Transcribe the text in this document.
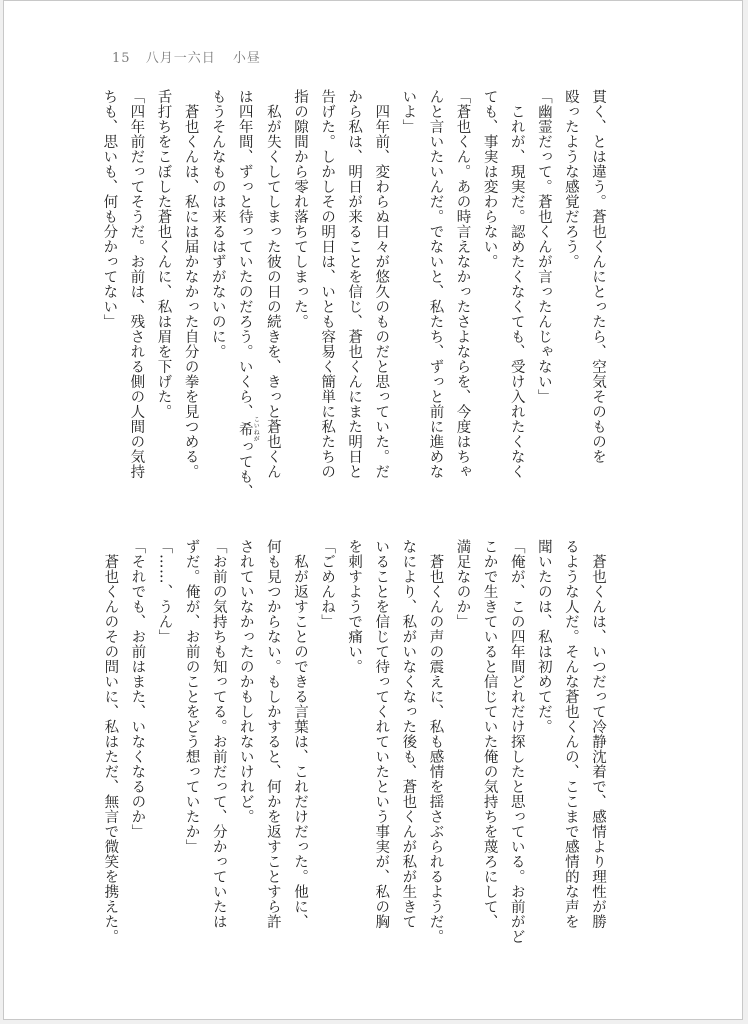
15 八月一六日 小昼

貫く、とは違う。蒼也くんにとったら、空気そのものを

殴ったような感覚だろう。

「幽霊だって。蒼也くんが言ったんじゃない」

　これが、現実だ。認めたくなくても、受け入れたくなく

ても、事実は変わらない。

「蒼也くん。あの時言えなかったさよならを、今度はちゃ

んと言いたいんだ。でないと、私たち、ずっと前に進めな

いよ」

　四年前、変わらぬ日々が悠久のものだと思っていた。だ

から私は、明日が来ることを信じ、蒼也くんにまた明日と

告げた。しかしその明日は、いとも容易く簡単に私たちの

指の隙間から零れ落ちてしまった。

　私が失くしてしまった彼の日の続きを、きっと蒼也くん

は四年間、ずっと待っていたのだろう。いくら、希 こいねがっても、

もうそんなものは来るはずがないのに。

　蒼也くんは、私には届かなかった自分の拳を見つめる。

舌打ちをこぼした蒼也くんに、私は眉を下げた。

「四年前だってそうだ。お前は、残される側の人間の気持

ちも、思いも、何も分かってない」

　蒼也くんは、いつだって冷静沈着で、感情より理性が勝

るような人だ。そんな蒼也くんの、ここまで感情的な声を

聞いたのは、私は初めてだ。

「俺が、この四年間どれだけ探したと思っている。お前がど

こかで生きていると信じていた俺の気持ちを蔑ろにして、

満足なのか」

　蒼也くんの声の震えに、私も感情を揺さぶられるようだ。

なにより、私がいなくなった後も、蒼也くんが私が生きて

いることを信じて待ってくれていたという事実が、私の胸

を刺すようで痛い。

「ごめんね」

　私が返すことのできる言葉は、これだけだった。他に、

何も見つからない。もしかすると、何かを返すことすら許

されていなかったのかもしれないけれど。

「お前の気持ちも知ってる。お前だって、分かっていたは

ずだ。俺が、お前のことをどう想っていたか」

「……、うん」

「それでも、お前はまた、いなくなるのか」

　蒼也くんのその問いに、私はただ、無言で微笑を携えた。
